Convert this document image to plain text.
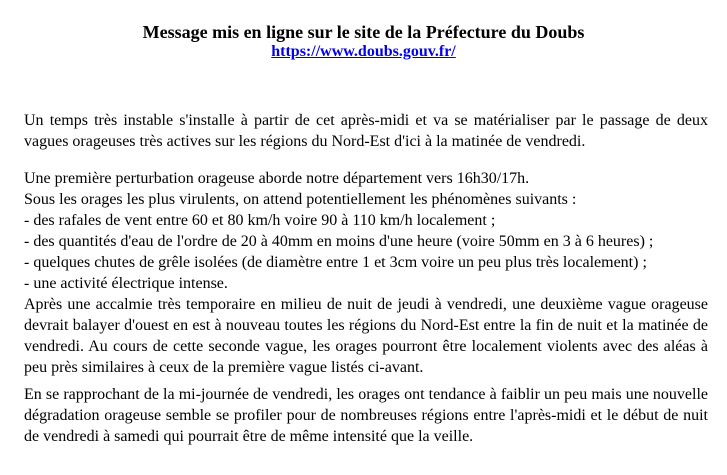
Message mis en ligne sur le site de la Préfecture du Doubs
https://www.doubs.gouv.fr/
Un temps très instable s'installe à partir de cet après-midi et va se matérialiser par le passage de deux vagues orageuses très actives sur les régions du Nord-Est d'ici à la matinée de vendredi.
Une première perturbation orageuse aborde notre département vers 16h30/17h.
Sous les orages les plus virulents, on attend potentiellement les phénomènes suivants :
- des rafales de vent entre 60 et 80 km/h voire 90 à 110 km/h localement ;
- des quantités d'eau de l'ordre de 20 à 40mm en moins d'une heure (voire 50mm en 3 à 6 heures) ;
- quelques chutes de grêle isolées (de diamètre entre 1 et 3cm voire un peu plus très localement) ;
- une activité électrique intense.
Après une accalmie très temporaire en milieu de nuit de jeudi à vendredi, une deuxième vague orageuse devrait balayer d'ouest en est à nouveau toutes les régions du Nord-Est entre la fin de nuit et la matinée de vendredi. Au cours de cette seconde vague, les orages pourront être localement violents avec des aléas à peu près similaires à ceux de la première vague listés ci-avant.
En se rapprochant de la mi-journée de vendredi, les orages ont tendance à faiblir un peu mais une nouvelle dégradation orageuse semble se profiler pour de nombreuses régions entre l'après-midi et le début de nuit de vendredi à samedi qui pourrait être de même intensité que la veille.
